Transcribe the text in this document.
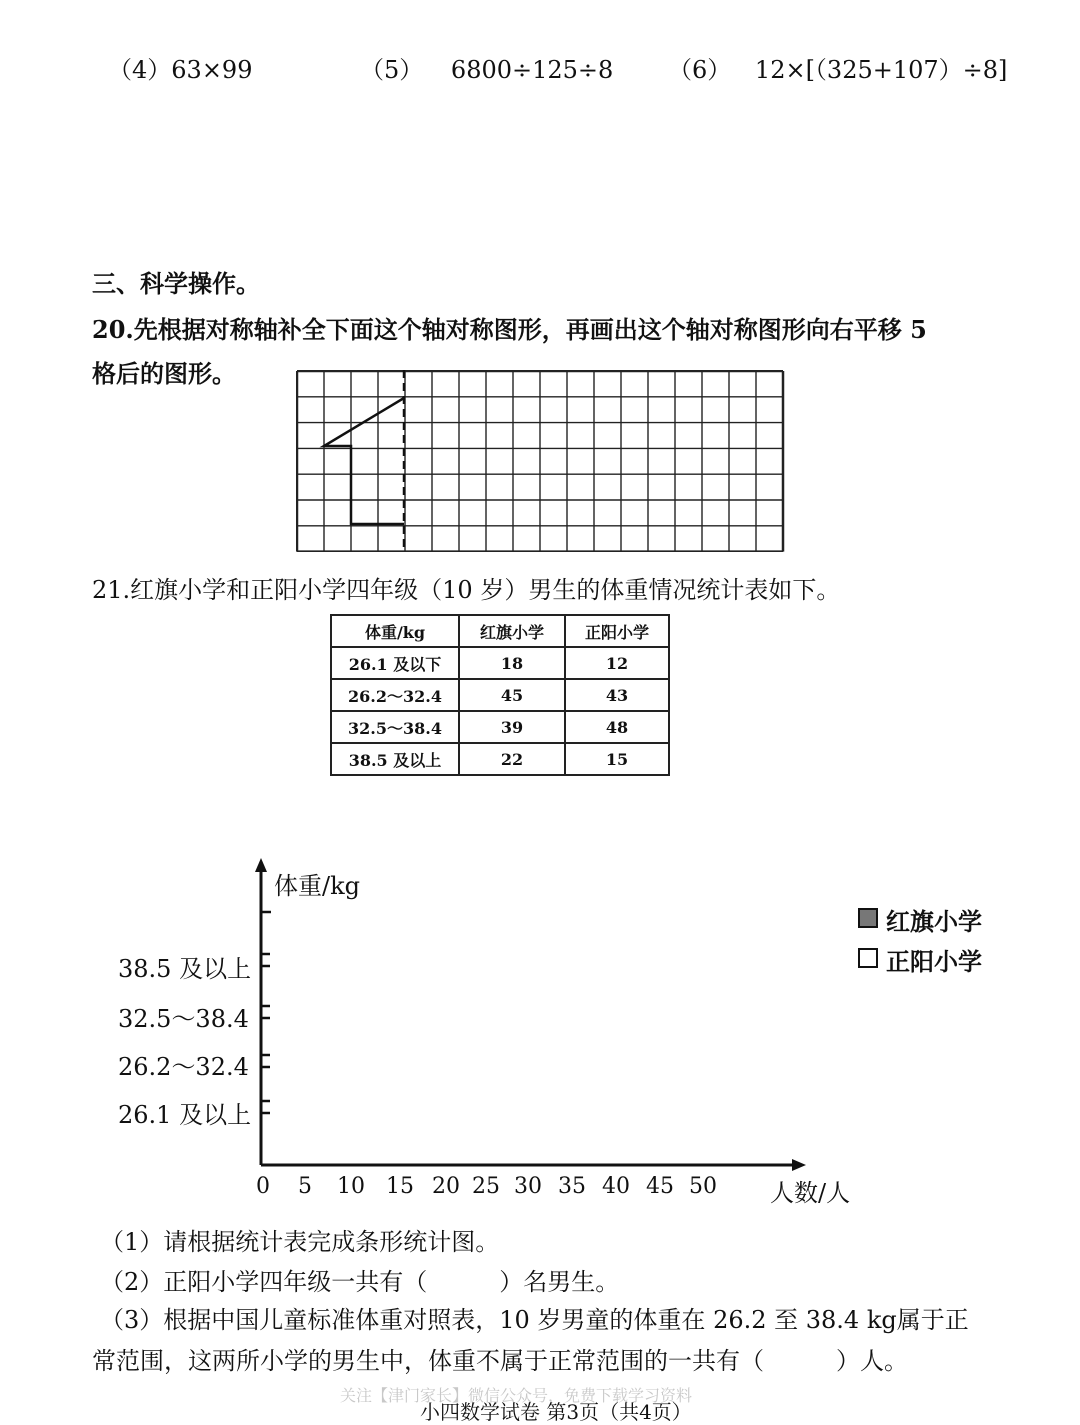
（4）63×99	（5） 6800÷125÷8 （6） 12×[（325+107）÷8]
三、科学操作。
20.先根据对称轴补全下面这个轴对称图形，再画出这个轴对称图形向右平移 5
格后的图形。
21.红旗小学和正阳小学四年级（10 岁）男生的体重情况统计表如下。
体重/kg	红旗小学	正阳小学
26.1 及以下	18	12
26.2～32.4	45	43
32.5～38.4	39	48
38.5 及以上	22	15
体重/kg
38.5 及以上
32.5～38.4
26.2～32.4
26.1 及以上
0 5 10 15 20 25 30 35 40 45 50 人数/人
红旗小学
正阳小学
（1）请根据统计表完成条形统计图。
（2）正阳小学四年级一共有（　　　）名男生。
（3）根据中国儿童标准体重对照表，10 岁男童的体重在 26.2 至 38.4 kg属于正
常范围，这两所小学的男生中，体重不属于正常范围的一共有（　　　）人。
关注【津门家长】微信公众号，免费下载学习资料
小四数学试卷 第3页（共4页）
